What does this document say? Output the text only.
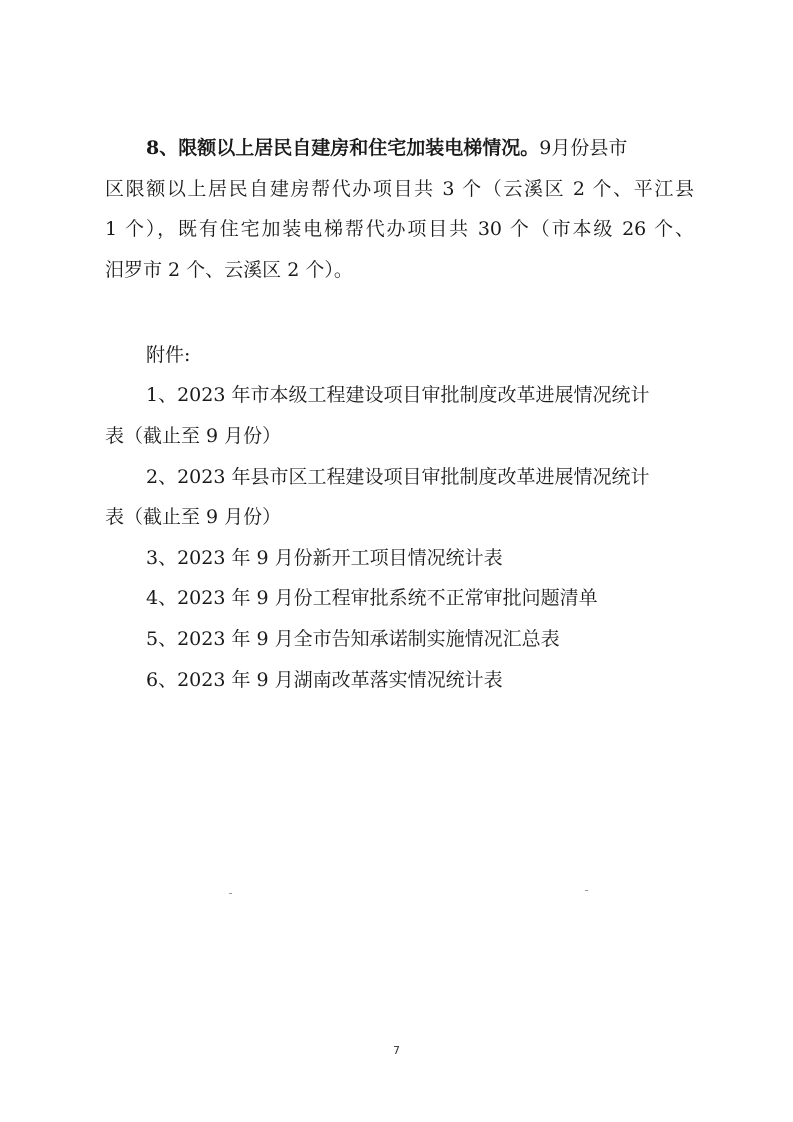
8、限额以上居民自建房和住宅加装电梯情况。9月份县市
区限额以上居民自建房帮代办项目共 3 个（云溪区 2 个、平江县
1 个），既有住宅加装电梯帮代办项目共 30 个（市本级 26 个、
汨罗市 2 个、云溪区 2 个）。
附件:
1、2023 年市本级工程建设项目审批制度改革进展情况统计
表（截止至 9 月份）
2、2023 年县市区工程建设项目审批制度改革进展情况统计
表（截止至 9 月份）
3、2023 年 9 月份新开工项目情况统计表
4、2023 年 9 月份工程审批系统不正常审批问题清单
5、2023 年 9 月全市告知承诺制实施情况汇总表
6、2023 年 9 月湖南改革落实情况统计表
7
